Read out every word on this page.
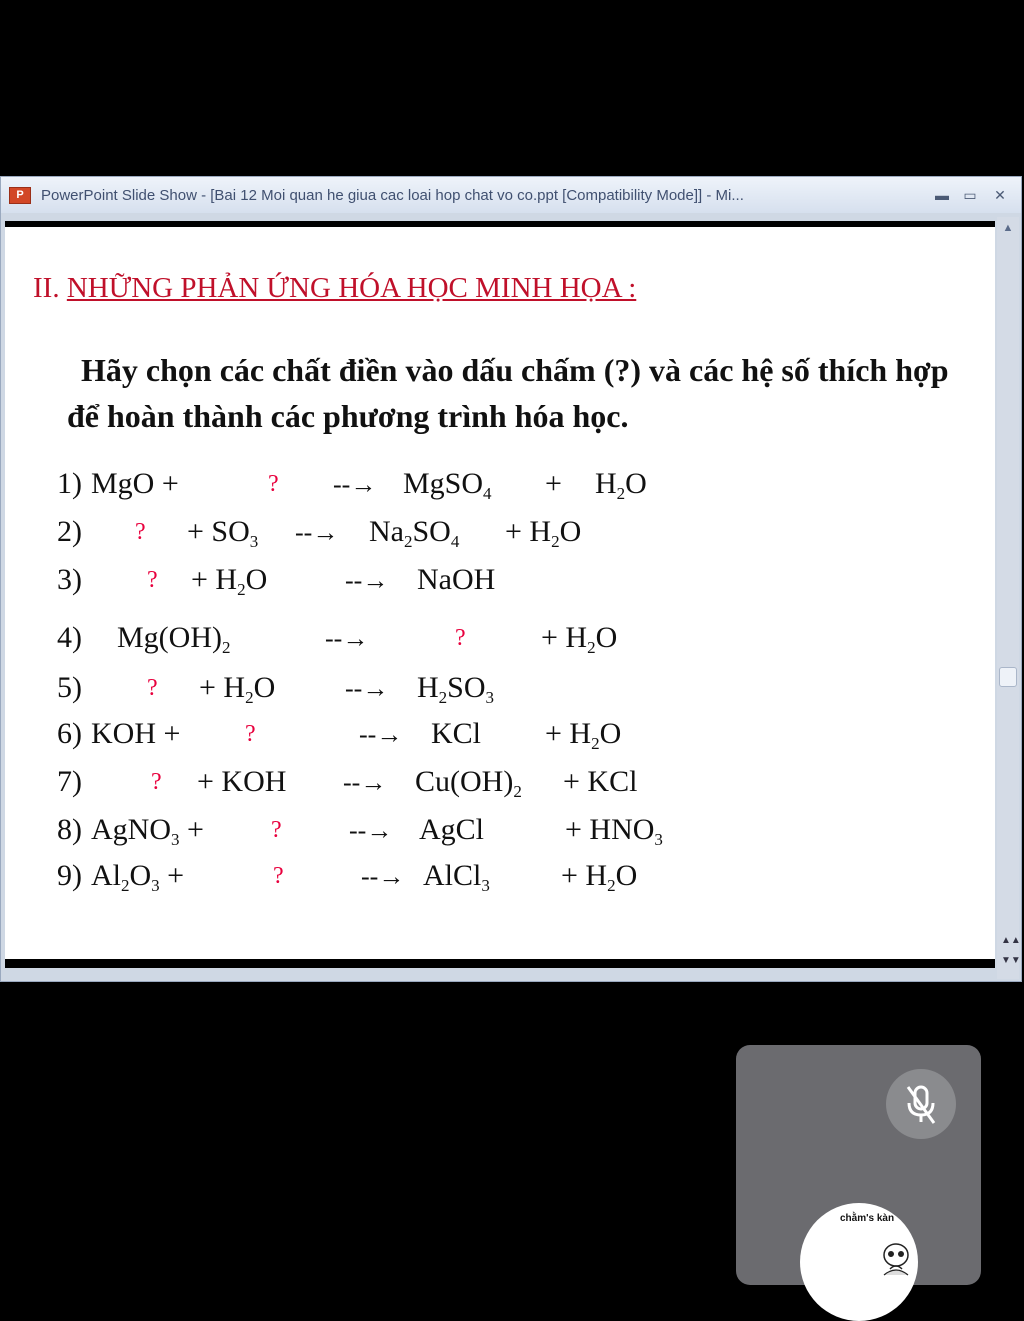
P	PowerPoint Slide Show - [Bai 12 Moi quan he giua cac loai hop chat vo co.ppt [Compatibility Mode]] - Mi...	▬	▭	✕
II. NHỮNG PHẢN ỨNG HÓA HỌC MINH HỌA :
Hãy chọn các chất điền vào dấu chấm (?) và các hệ số thích hợp để hoàn thành các phương trình hóa học.
1) MgO +	? --→ MgSO$_4$ + $H_2O$
2) ? + $SO_3$ --→ $Na_2SO_4 + H_2O$
3)	? + $H_2O$	--→ NaOH
4) $Mg(OH)_2$	--→	?	+ $H_2O$
5)	? + $H_2O$	--→ $H_2SO_3$
6) KOH +	?	--→ KCl + $H_2O$
7)	? + KOH --→ $Cu(OH)_2$ + KCl
8) AgNO$_3$ +	?	--→ AgCl	+ $HNO_3$
9) $Al_2O_3$ +	?	--→ AlCl$_3$ + $H_2O$
▲
▲▲
▼▼
chằm's kàn
